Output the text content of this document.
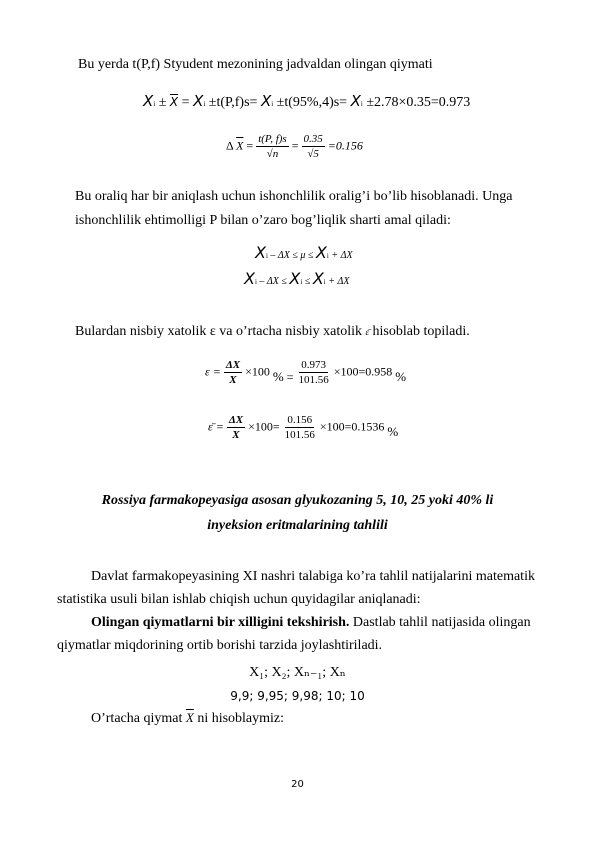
Bu yerda t(P,f) Styudent mezonining jadvaldan olingan qiymati
$Xi \pm \overline{X} = Xi \pm t(P,f)s= Xi \pm t(95\%,4)s= Xi \pm 2.78\times 0.35=0.973$
Δ $\overline{X} = \frac{t(P, f)s}{√n} = \frac{0.35}{√5} =0.156$
Bu oraliq har bir aniqlash uchun ishonchlilik oralig’i bo’lib hisoblanadi. Unga
ishonchlilik ehtimolligi P bilan o’zaro bog’liqlik sharti amal qiladi:
Xi – ΔX ≤ μ ≤ Xi + ΔX
Xi – ΔX ≤ Xi ≤ Xi + ΔX
Bulardan nisbiy xatolik ε va o’rtacha nisbiy xatolik $^{\varepsilon̄}$ hisoblab topiladi.
$\varepsilon = \frac{\Delta X}{X} \times 100$ % = $\frac{0.973}{101.56} \times 100=0.958$ %
ε̄ = $\frac{\Delta X}{X} \times 100= \frac{0.156}{101.56} \times 100=0.1536$ %
Rossiya farmakopeyasiga asosan glyukozaning 5, 10, 25 yoki 40% li
inyeksion eritmalarining tahlili
Davlat farmakopeyasining XI nashri talabiga ko’ra tahlil natijalarini matematik
statistika usuli bilan ishlab chiqish uchun quyidagilar aniqlanadi:
Olingan qiymatlarni bir xilligini tekshirish. Dastlab tahlil natijasida olingan
qiymatlar miqdorining ortib borishi tarzida joylashtiriladi.
X₁; X₂; Xₙ₋₁; Xₙ
9,9; 9,95; 9,98; 10; 10
O’rtacha qiymat $\overline{X}$ ni hisoblaymiz:
20
